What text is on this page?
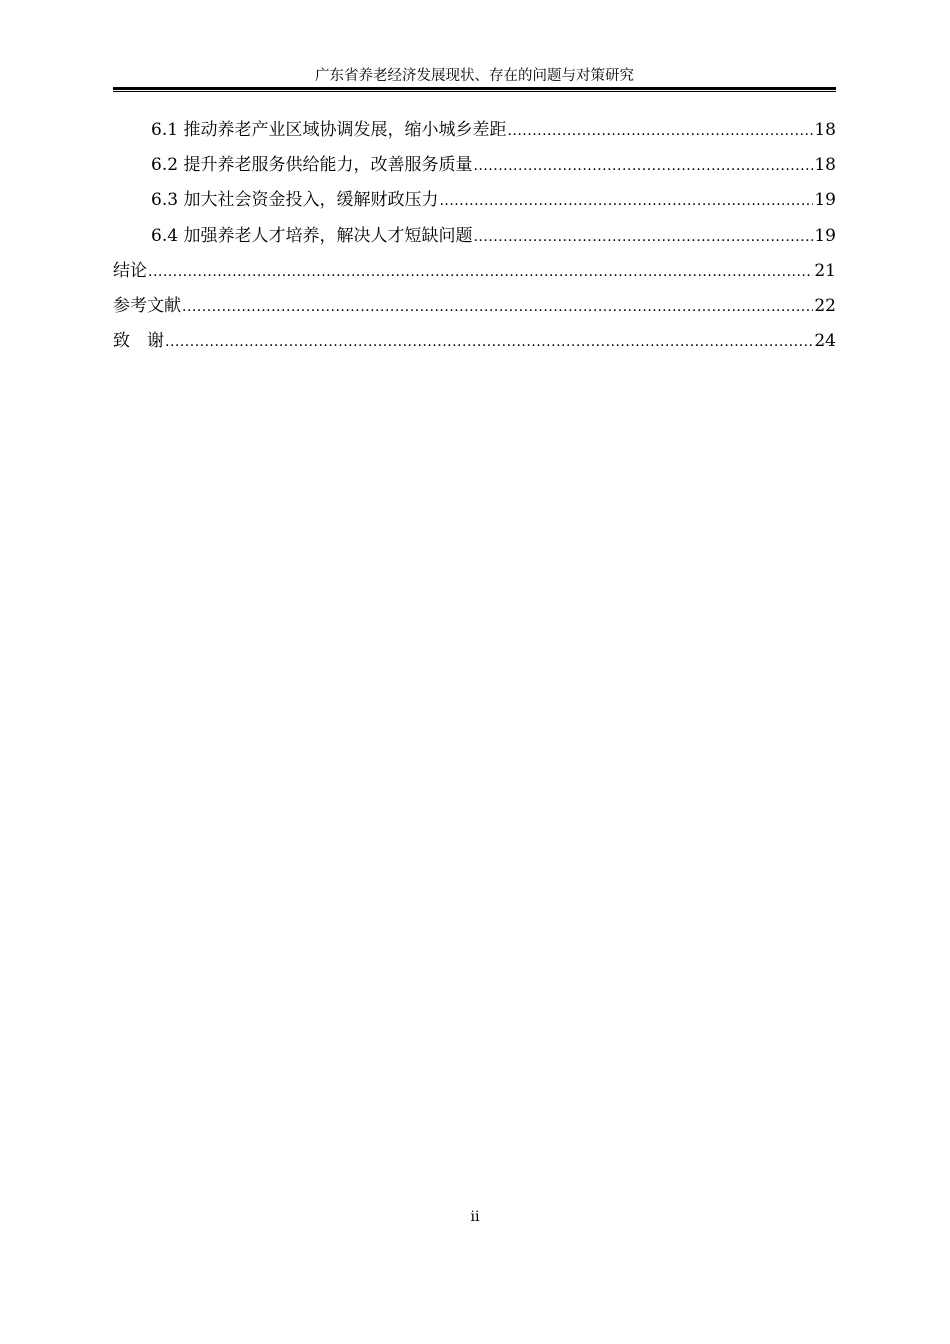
广东省养老经济发展现状、存在的问题与对策研究
6.1 推动养老产业区域协调发展，缩小城乡差距 .....	18
6.2 提升养老服务供给能力，改善服务质量 .....	18
6.3 加大社会资金投入，缓解财政压力 .....	19
6.4 加强养老人才培养，解决人才短缺问题 .....	19
结论 .....	21
参考文献 .....	22
致　谢 .....	24
ii
